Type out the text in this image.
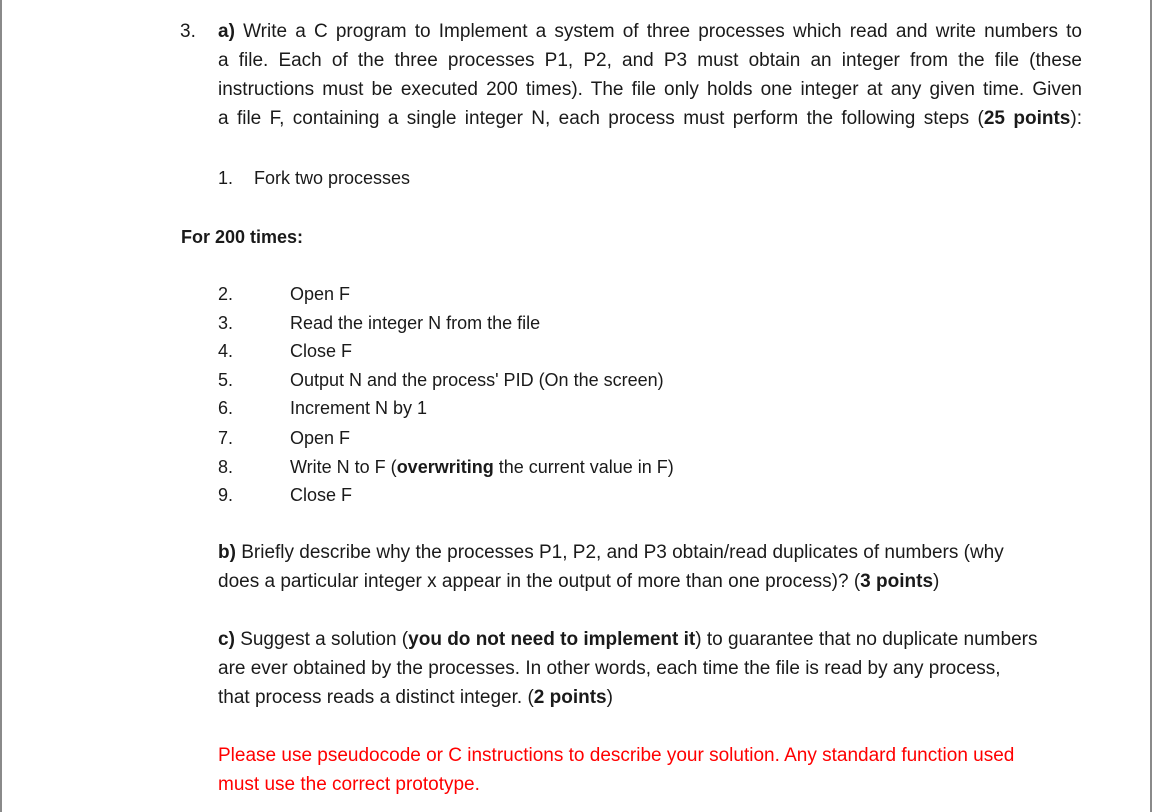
3. a) Write a C program to Implement a system of three processes which read and write numbers to
a file. Each of the three processes P1, P2, and P3 must obtain an integer from the file (these
instructions must be executed 200 times). The file only holds one integer at any given time. Given
a file F, containing a single integer N, each process must perform the following steps (25 points):
1. Fork two processes
For 200 times:
2.	Open F
3.	Read the integer N from the file
4.	Close F
5.	Output N and the process' PID (On the screen)
6.	Increment N by 1
7.	Open F
8.	Write N to F (overwriting the current value in F)
9.	Close F
b) Briefly describe why the processes P1, P2, and P3 obtain/read duplicates of numbers (why
does a particular integer x appear in the output of more than one process)? (3 points)
c) Suggest a solution (you do not need to implement it) to guarantee that no duplicate numbers
are ever obtained by the processes. In other words, each time the file is read by any process,
that process reads a distinct integer. (2 points)
Please use pseudocode or C instructions to describe your solution. Any standard function used
must use the correct prototype.
